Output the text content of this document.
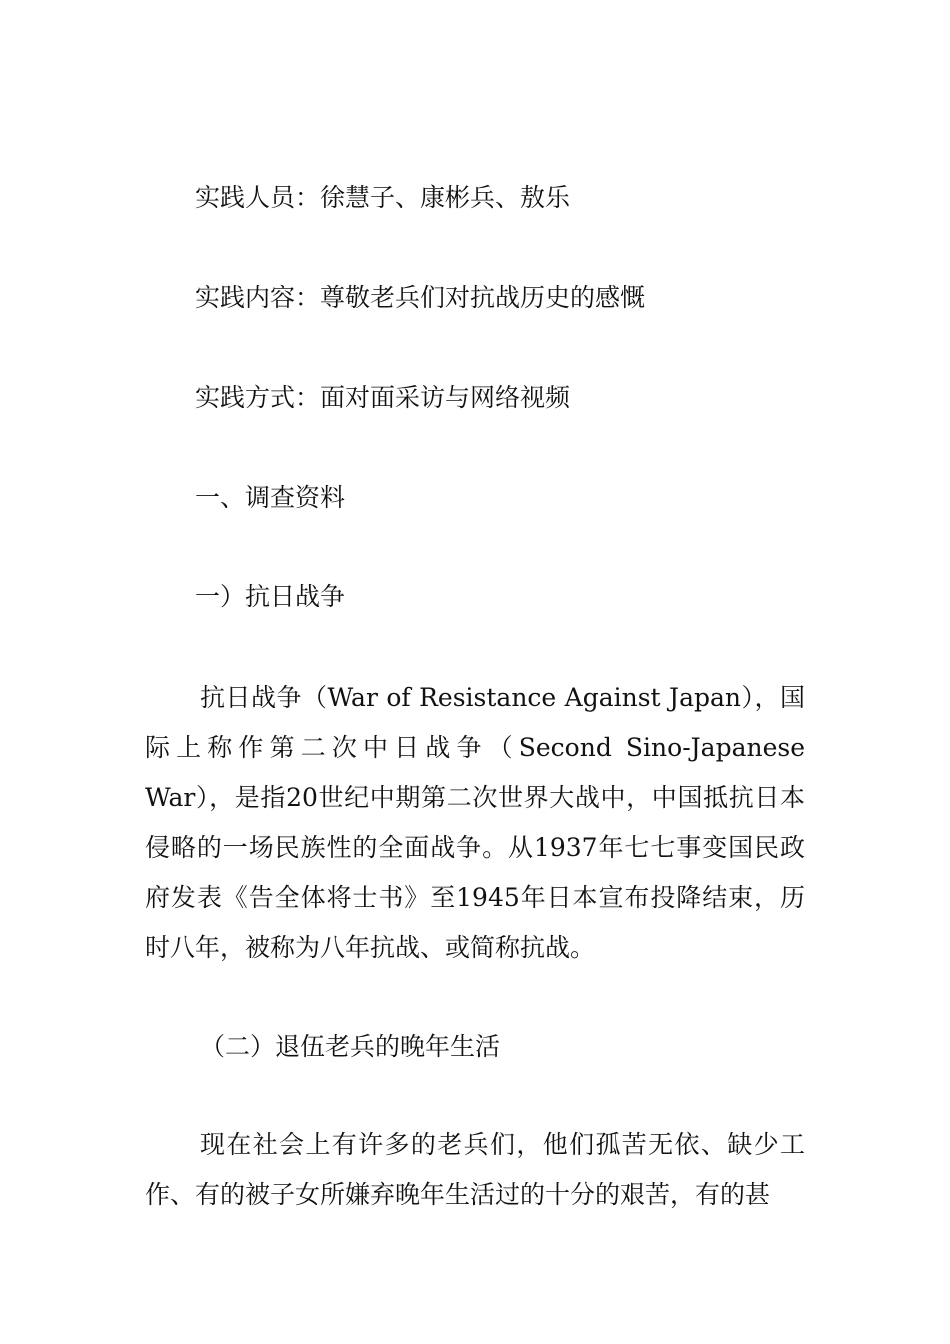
实践人员：徐慧子、康彬兵、敖乐
实践内容：尊敬老兵们对抗战历史的感慨
实践方式：面对面采访与网络视频
一、调查资料
一）抗日战争
抗日战争（War of Resistance Against Japan），国际上称作第二次中日战争（Second Sino-Japanese War），是指20世纪中期第二次世界大战中，中国抵抗日本侵略的一场民族性的全面战争。从1937年七七事变国民政府发表《告全体将士书》至1945年日本宣布投降结束，历时八年，被称为八年抗战、或简称抗战。
（二）退伍老兵的晚年生活
现在社会上有许多的老兵们，他们孤苦无依、缺少工作、有的被子女所嫌弃晚年生活过的十分的艰苦，有的甚
